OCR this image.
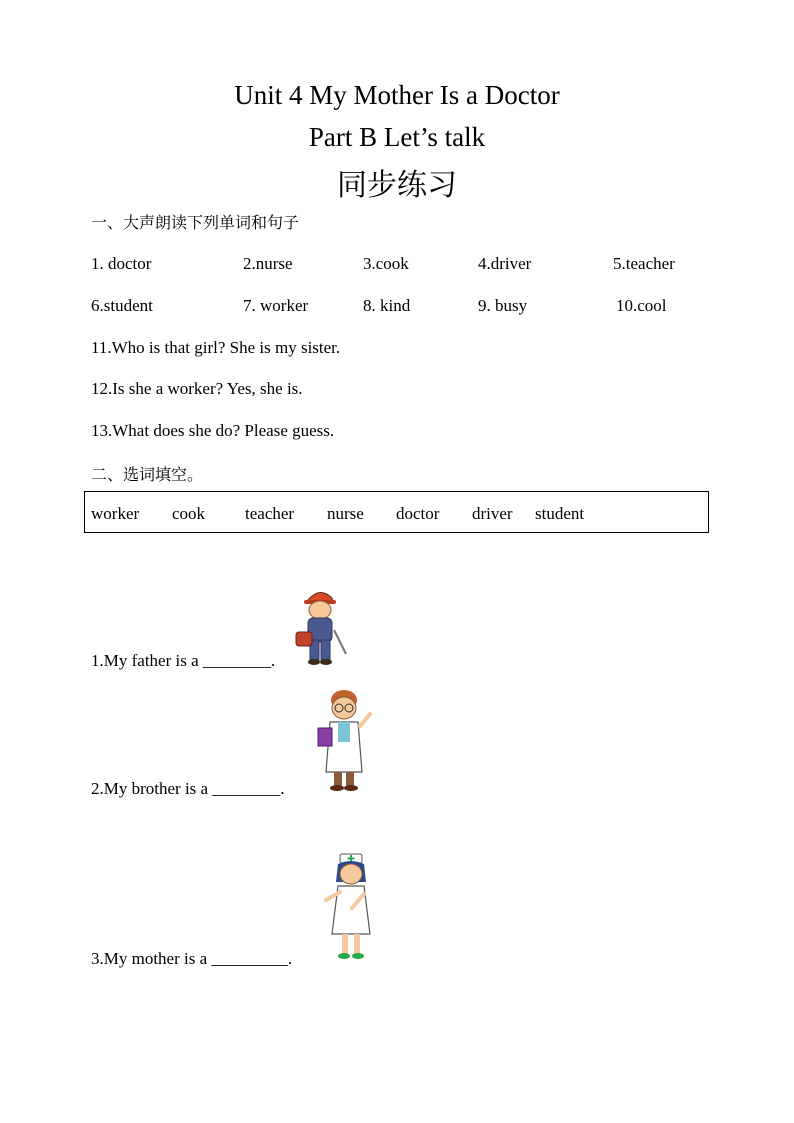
Unit 4 My Mother Is a Doctor
Part B Let’s talk
同步练习
一、大声朗读下列单词和句子
1. doctor	2.nurse	3.cook	4.driver	5.teacher
6.student	7. worker	8. kind	9. busy	10.cool
11.Who is that girl? She is my sister.
12.Is she a worker? Yes, she is.
13.What does she do? Please guess.
二、选词填空。
worker cook teacher nurse doctor driver student
1.My father is a ________.
2.My brother is a ________.
3.My mother is a _________.
